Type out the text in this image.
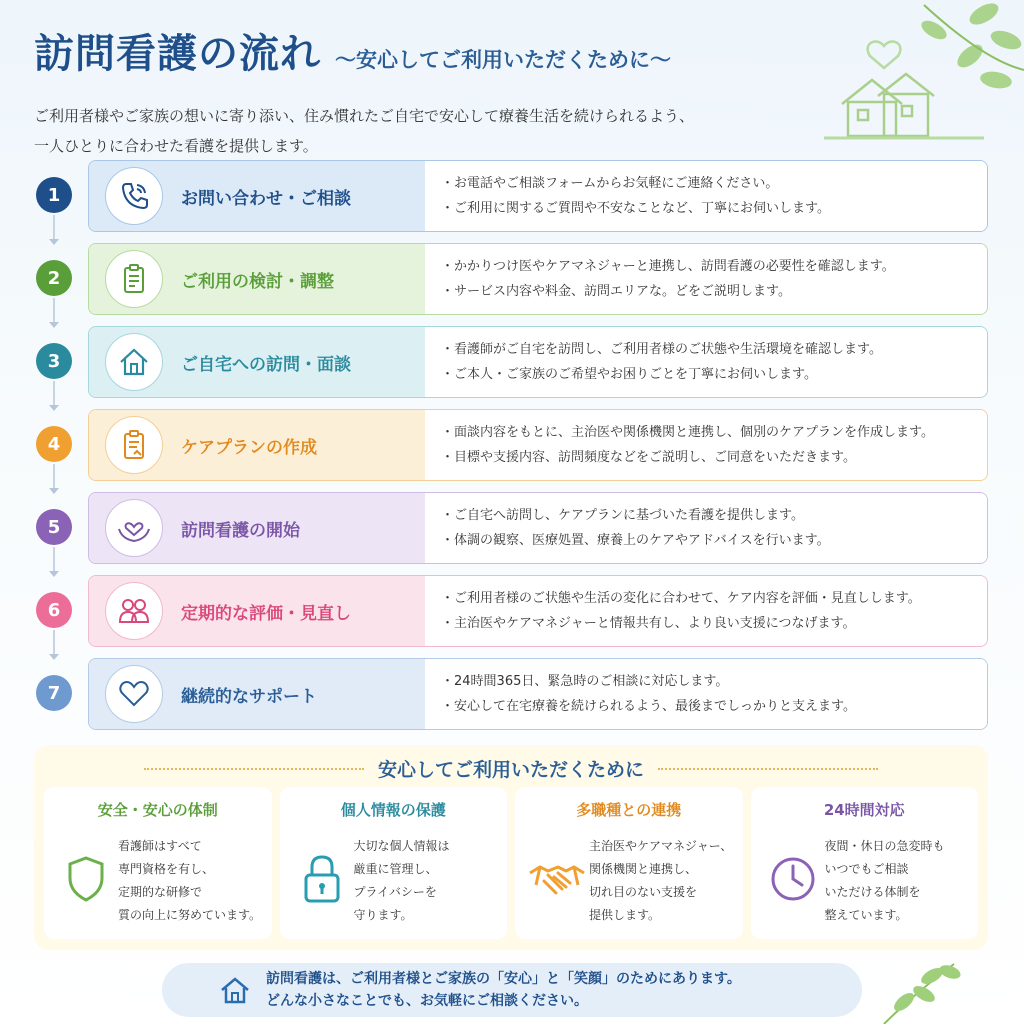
訪問看護の流れ 〜安心してご利用いただくために〜
ご利用者様やご家族の想いに寄り添い、住み慣れたご自宅で安心して療養生活を続けられるよう、
一人ひとりに合わせた看護を提供します。
1	お問い合わせ・ご相談
・ お電話やご相談フォームからお気軽にご連絡ください。
・ ご利用に関するご質問や不安なことなど、丁寧にお伺いします。
2	ご利用の検討・調整
・ かかりつけ医やケアマネジャーと連携し、訪問看護の必要性を確認します。
・ サービス内容や料金、訪問エリアな。どをご説明します。
3	ご自宅への訪問・面談
・ 看護師がご自宅を訪問し、ご利用者様のご状態や生活環境を確認します。
・ ご本人・ご家族のご希望やお困りごとを丁寧にお伺いします。
4	ケアプランの作成
・ 面談内容をもとに、主治医や関係機関と連携し、個別のケアプランを作成します。
・ 目標や支援内容、訪問頻度などをご説明し、ご同意をいただきます。
5	訪問看護の開始
・ ご自宅へ訪問し、ケアプランに基づいた看護を提供します。
・ 体調の観察、医療処置、療養上のケアやアドバイスを行います。
6	定期的な評価・見直し
・ ご利用者様のご状態や生活の変化に合わせて、ケア内容を評価・見直しします。
・ 主治医やケアマネジャーと情報共有し、より良い支援につなげます。
7	継続的なサポート
・ 24時間365日、緊急時のご相談に対応します。
・ 安心して在宅療養を続けられるよう、最後までしっかりと支えます。
安心してご利用いただくために
安全・安心の体制
看護師はすべて
専門資格を有し、
定期的な研修で
質の向上に努めています。
個人情報の保護
大切な個人情報は
厳重に管理し、
プライバシーを
守ります。
多職種との連携
主治医やケアマネジャー、
関係機関と連携し、
切れ目のない支援を
提供します。
24時間対応
夜間・休日の急変時も
いつでもご相談
いただける体制を
整えています。
訪問看護は、ご利用者様とご家族の「安心」と「笑顔」のためにあります。
どんな小さなことでも、お気軽にご相談ください。
